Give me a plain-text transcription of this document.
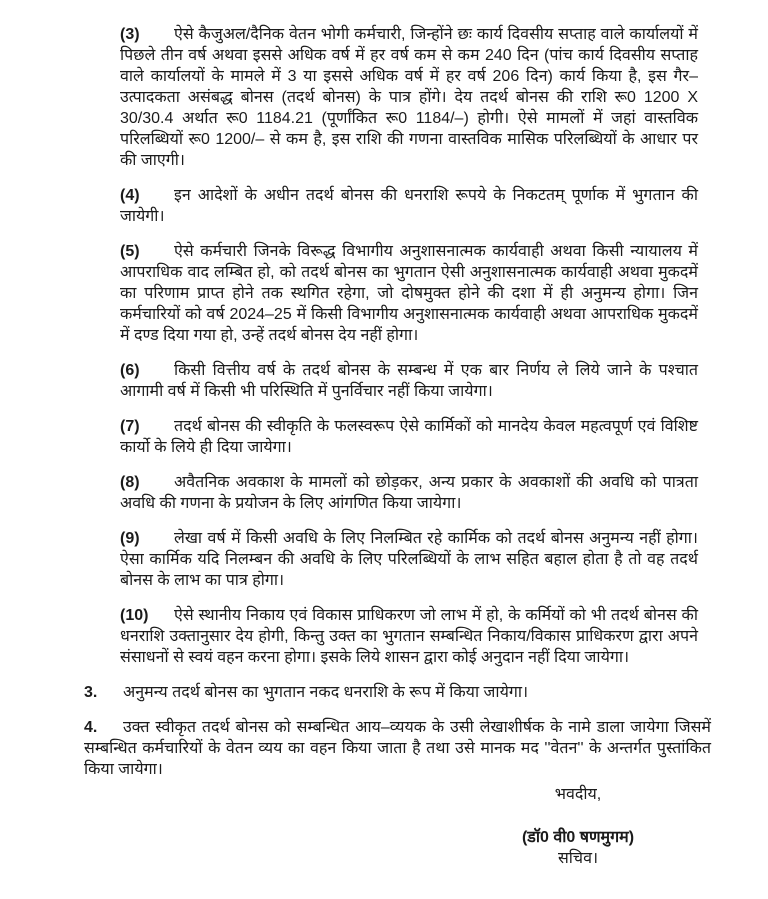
(3) ऐसे कैजुअल/दैनिक वेतन भोगी कर्मचारी, जिन्होंने छः कार्य दिवसीय सप्ताह वाले कार्यालयों में पिछले तीन वर्ष अथवा इससे अधिक वर्ष में हर वर्ष कम से कम 240 दिन (पांच कार्य दिवसीय सप्ताह वाले कार्यालयों के मामले में 3 या इससे अधिक वर्ष में हर वर्ष 206 दिन) कार्य किया है, इस गैर–उत्पादकता असंबद्ध बोनस (तदर्थ बोनस) के पात्र होंगे। देय तदर्थ बोनस की राशि रू0 1200 X 30/30.4 अर्थात रू0 1184.21 (पूर्णांकित रू0 1184/–) होगी। ऐसे मामलों में जहां वास्तविक परिलब्धियों रू0 1200/– से कम है, इस राशि की गणना वास्तविक मासिक परिलब्धियों के आधार पर की जाएगी।
(4) इन आदेशों के अधीन तदर्थ बोनस की धनराशि रूपये के निकटतम् पूर्णाक में भुगतान की जायेगी।
(5) ऐसे कर्मचारी जिनके विरूद्ध विभागीय अनुशासनात्मक कार्यवाही अथवा किसी न्यायालय में आपराधिक वाद लम्बित हो, को तदर्थ बोनस का भुगतान ऐसी अनुशासनात्मक कार्यवाही अथवा मुकदमें का परिणाम प्राप्त होने तक स्थगित रहेगा, जो दोषमुक्त होने की दशा में ही अनुमन्य होगा। जिन कर्मचारियों को वर्ष 2024–25 में किसी विभागीय अनुशासनात्मक कार्यवाही अथवा आपराधिक मुकदमें में दण्ड दिया गया हो, उन्हें तदर्थ बोनस देय नहीं होगा।
(6) किसी वित्तीय वर्ष के तदर्थ बोनस के सम्बन्ध में एक बार निर्णय ले लिये जाने के पश्चात आगामी वर्ष में किसी भी परिस्थिति में पुनर्विचार नहीं किया जायेगा।
(7) तदर्थ बोनस की स्वीकृति के फलस्वरूप ऐसे कार्मिकों को मानदेय केवल महत्वपूर्ण एवं विशिष्ट कार्यो के लिये ही दिया जायेगा।
(8) अवैतनिक अवकाश के मामलों को छोड़कर, अन्य प्रकार के अवकाशों की अवधि को पात्रता अवधि की गणना के प्रयोजन के लिए आंगणित किया जायेगा।
(9) लेखा वर्ष में किसी अवधि के लिए निलम्बित रहे कार्मिक को तदर्थ बोनस अनुमन्य नहीं होगा। ऐसा कार्मिक यदि निलम्बन की अवधि के लिए परिलब्धियों के लाभ सहित बहाल होता है तो वह तदर्थ बोनस के लाभ का पात्र होगा।
(10) ऐसे स्थानीय निकाय एवं विकास प्राधिकरण जो लाभ में हो, के कर्मियों को भी तदर्थ बोनस की धनराशि उक्तानुसार देय होगी, किन्तु उक्त का भुगतान सम्बन्धित निकाय/विकास प्राधिकरण द्वारा अपने संसाधनों से स्वयं वहन करना होगा। इसके लिये शासन द्वारा कोई अनुदान नहीं दिया जायेगा।
3. अनुमन्य तदर्थ बोनस का भुगतान नकद धनराशि के रूप में किया जायेगा।
4. उक्त स्वीकृत तदर्थ बोनस को सम्बन्धित आय–व्ययक के उसी लेखाशीर्षक के नामे डाला जायेगा जिसमें सम्बन्धित कर्मचारियों के वेतन व्यय का वहन किया जाता है तथा उसे मानक मद ''वेतन'' के अन्तर्गत पुस्तांकित किया जायेगा।
भवदीय,
(डॉ0 वी0 षणमुगम)
सचिव।
